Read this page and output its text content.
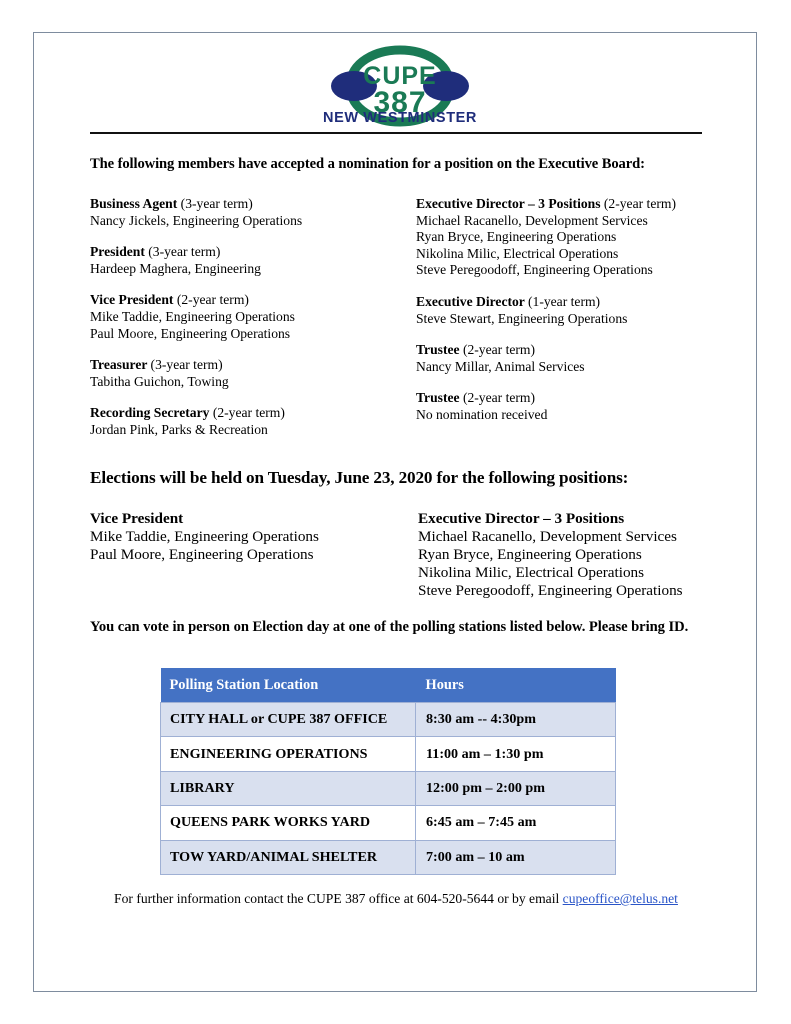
CUPE
387
NEW WESTMINSTER
The following members have accepted a nomination for a position on the Executive Board:
Business Agent (3-year term)
Nancy Jickels, Engineering Operations
President (3-year term)
Hardeep Maghera, Engineering
Vice President (2-year term)
Mike Taddie, Engineering Operations
Paul Moore, Engineering Operations
Treasurer (3-year term)
Tabitha Guichon, Towing
Recording Secretary (2-year term)
Jordan Pink, Parks & Recreation
Executive Director – 3 Positions (2-year term)
Michael Racanello, Development Services
Ryan Bryce, Engineering Operations
Nikolina Milic, Electrical Operations
Steve Peregoodoff, Engineering Operations
Executive Director (1-year term)
Steve Stewart, Engineering Operations
Trustee (2-year term)
Nancy Millar, Animal Services
Trustee (2-year term)
No nomination received
Elections will be held on Tuesday, June 23, 2020 for the following positions:
Vice President
Mike Taddie, Engineering Operations
Paul Moore, Engineering Operations
Executive Director – 3 Positions
Michael Racanello, Development Services
Ryan Bryce, Engineering Operations
Nikolina Milic, Electrical Operations
Steve Peregoodoff, Engineering Operations
You can vote in person on Election day at one of the polling stations listed below. Please bring ID.
Polling Station Location	Hours
CITY HALL or CUPE 387 OFFICE	8:30 am -- 4:30pm
ENGINEERING OPERATIONS	11:00 am – 1:30 pm
LIBRARY	12:00 pm – 2:00 pm
QUEENS PARK WORKS YARD	6:45 am – 7:45 am
TOW YARD/ANIMAL SHELTER	7:00 am – 10 am
For further information contact the CUPE 387 office at 604-520-5644 or by email cupeoffice@telus.net
